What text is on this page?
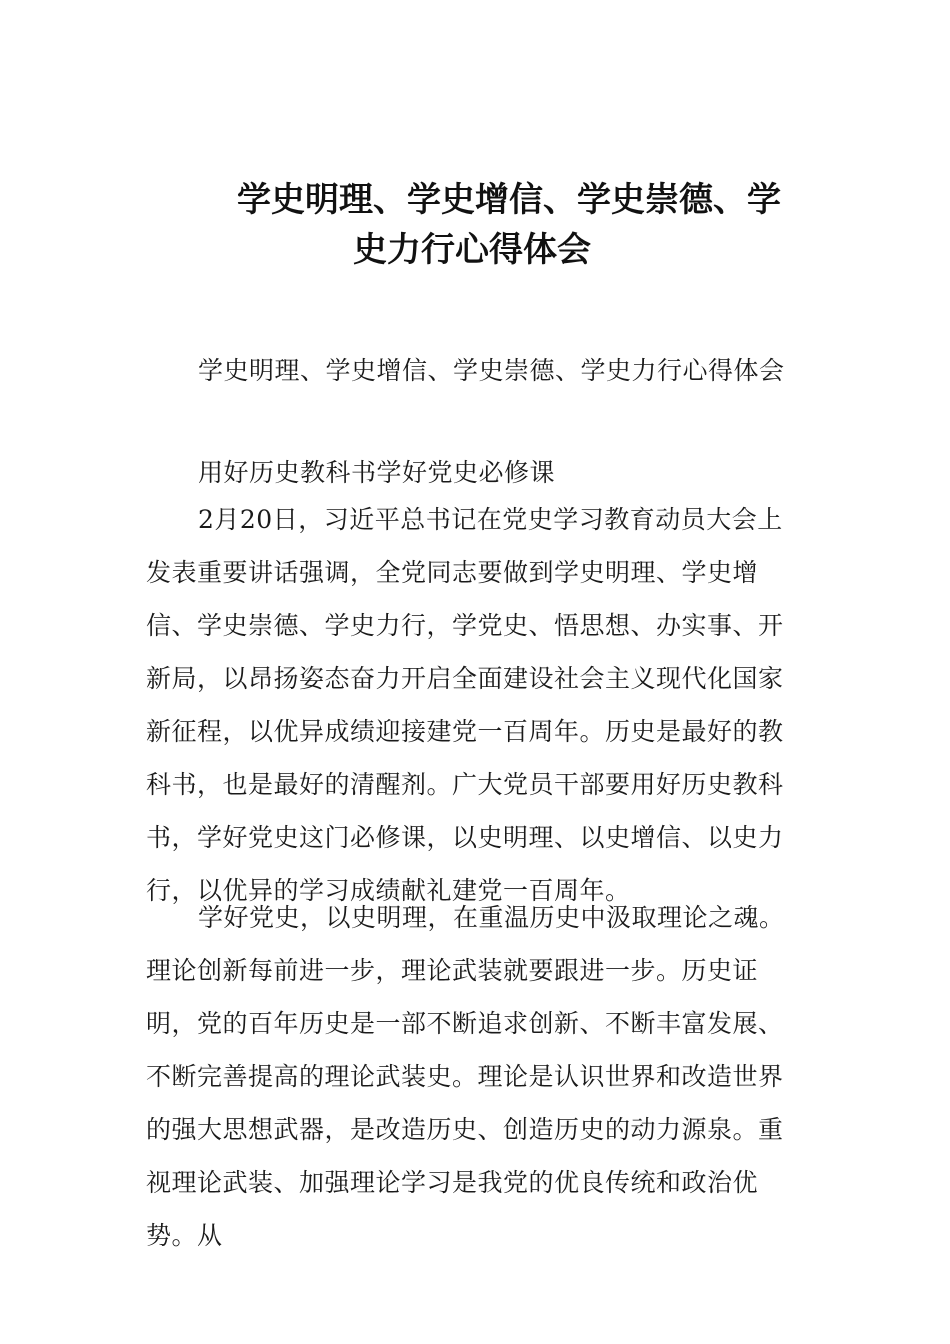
学史明理、学史增信、学史崇德、学
史力行心得体会

学史明理、学史增信、学史崇德、学史力行心得体会

用好历史教科书学好党史必修课

2月20日，习近平总书记在党史学习教育动员大会上发表重要讲话强调，全党同志要做到学史明理、学史增信、学史崇德、学史力行，学党史、悟思想、办实事、开新局，以昂扬姿态奋力开启全面建设社会主义现代化国家新征程，以优异成绩迎接建党一百周年。历史是最好的教科书，也是最好的清醒剂。广大党员干部要用好历史教科书，学好党史这门必修课，以史明理、以史增信、以史力行，以优异的学习成绩献礼建党一百周年。

学好党史，以史明理，在重温历史中汲取理论之魂。理论创新每前进一步，理论武装就要跟进一步。历史证明，党的百年历史是一部不断追求创新、不断丰富发展、不断完善提高的理论武装史。理论是认识世界和改造世界的强大思想武器，是改造历史、创造历史的动力源泉。重视理论武装、加强理论学习是我党的优良传统和政治优势。从
